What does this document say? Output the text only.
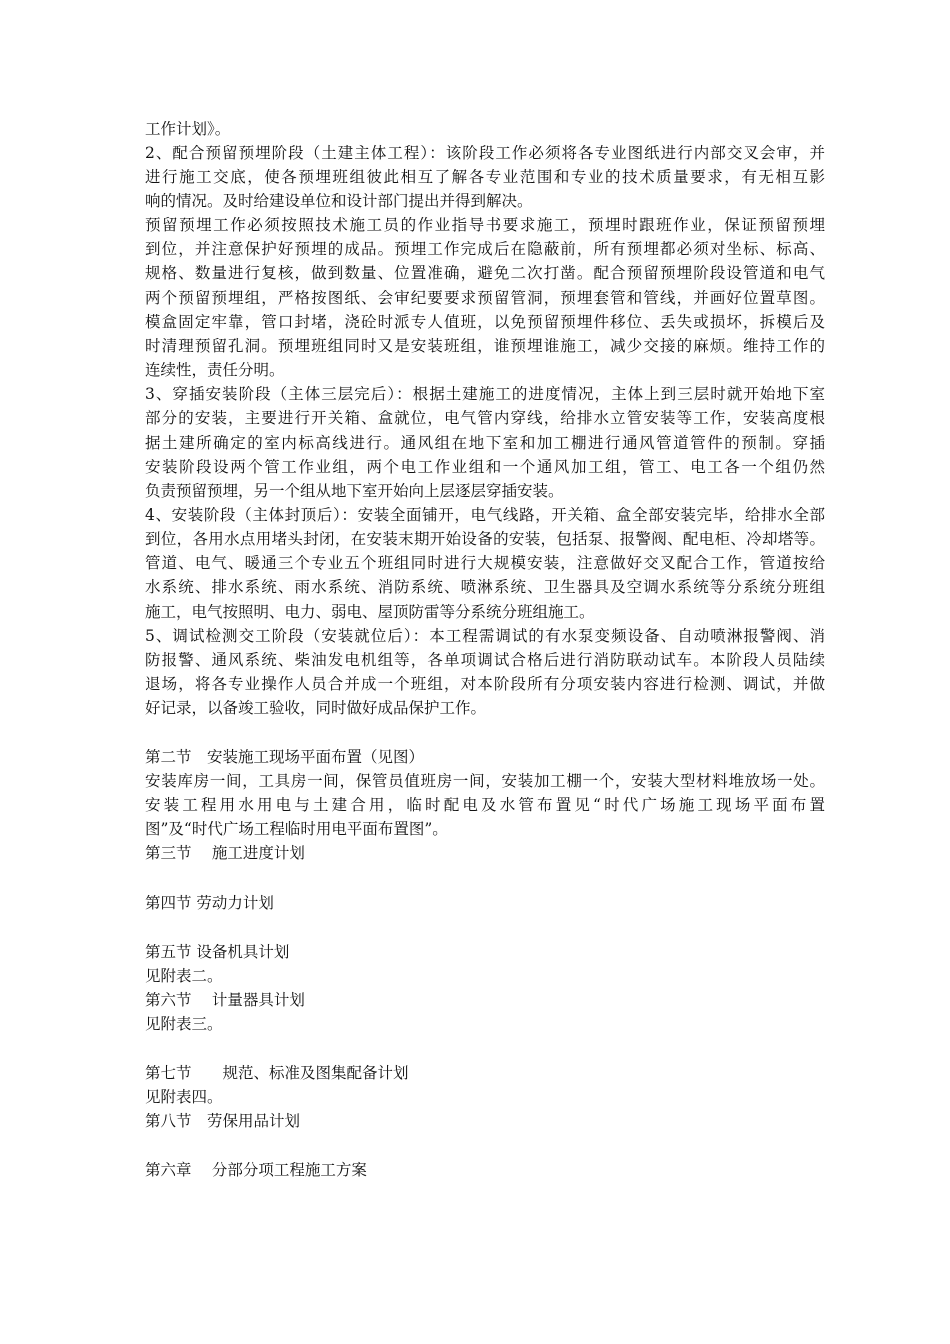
工作计划》。
2、配合预留预埋阶段（土建主体工程）：该阶段工作必须将各专业图纸进行内部交叉会审，并
进行施工交底，使各预埋班组彼此相互了解各专业范围和专业的技术质量要求，有无相互影
响的情况。及时给建设单位和设计部门提出并得到解决。
预留预埋工作必须按照技术施工员的作业指导书要求施工，预埋时跟班作业，保证预留预埋
到位，并注意保护好预埋的成品。预埋工作完成后在隐蔽前，所有预埋都必须对坐标、标高、
规格、数量进行复核，做到数量、位置准确，避免二次打凿。配合预留预埋阶段设管道和电气
两个预留预埋组，严格按图纸、会审纪要要求预留管洞，预埋套管和管线，并画好位置草图。
模盒固定牢靠，管口封堵，浇砼时派专人值班，以免预留预埋件移位、丢失或损坏，拆模后及
时清理预留孔洞。预埋班组同时又是安装班组，谁预埋谁施工，减少交接的麻烦。维持工作的
连续性，责任分明。
3、穿插安装阶段（主体三层完后）：根据土建施工的进度情况，主体上到三层时就开始地下室
部分的安装，主要进行开关箱、盒就位，电气管内穿线，给排水立管安装等工作，安装高度根
据土建所确定的室内标高线进行。通风组在地下室和加工棚进行通风管道管件的预制。穿插
安装阶段设两个管工作业组，两个电工作业组和一个通风加工组，管工、电工各一个组仍然
负责预留预埋，另一个组从地下室开始向上层逐层穿插安装。
4、安装阶段（主体封顶后）：安装全面铺开，电气线路，开关箱、盒全部安装完毕，给排水全部
到位，各用水点用堵头封闭，在安装末期开始设备的安装，包括泵、报警阀、配电柜、冷却塔等。
管道、电气、暖通三个专业五个班组同时进行大规模安装，注意做好交叉配合工作，管道按给
水系统、排水系统、雨水系统、消防系统、喷淋系统、卫生器具及空调水系统等分系统分班组
施工，电气按照明、电力、弱电、屋顶防雷等分系统分班组施工。
5、调试检测交工阶段（安装就位后）：本工程需调试的有水泵变频设备、自动喷淋报警阀、消
防报警、通风系统、柴油发电机组等，各单项调试合格后进行消防联动试车。本阶段人员陆续
退场，将各专业操作人员合并成一个班组，对本阶段所有分项安装内容进行检测、调试，并做
好记录，以备竣工验收，同时做好成品保护工作。
第二节　安装施工现场平面布置（见图）
安装库房一间，工具房一间，保管员值班房一间，安装加工棚一个，安装大型材料堆放场一处。
安装工程用水用电与土建合用，临时配电及水管布置见“时代广场施工现场平面布置
图”及“时代广场工程临时用电平面布置图”。
第三节　 施工进度计划
第四节 劳动力计划
第五节 设备机具计划
见附表二。
第六节　 计量器具计划
见附表三。
第七节　　规范、标准及图集配备计划
见附表四。
第八节　劳保用品计划
第六章　 分部分项工程施工方案
